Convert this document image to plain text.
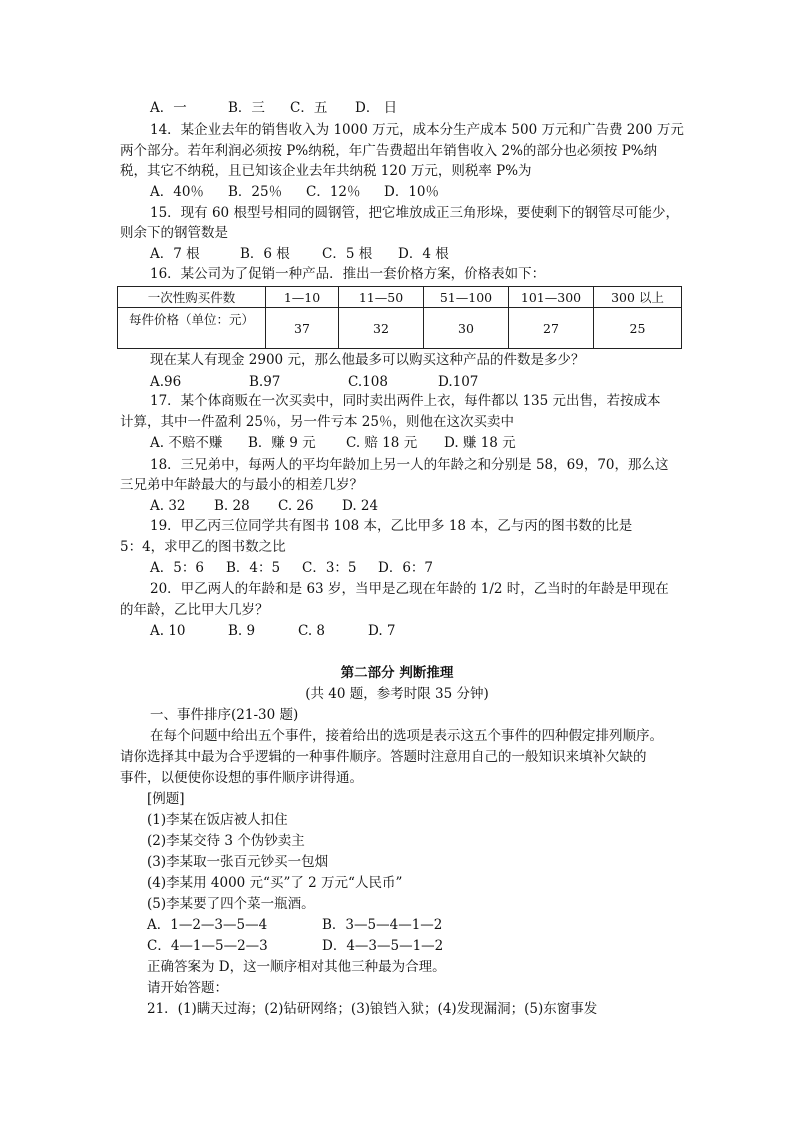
A．一	B．三 C．五 D． 日
14．某企业去年的销售收入为 1000 万元，成本分生产成本 500 万元和广告费 200 万元
两个部分。若年利润必须按 P%纳税，年广告费超出年销售收入 2%的部分也必须按 P%纳
税，其它不纳税，且已知该企业去年共纳税 120 万元，则税率 P%为
A．40％ B．25％ C．12％ D．10％
15．现有 60 根型号相同的圆钢管，把它堆放成正三角形垛，要使剩下的钢管尽可能少，
则余下的钢管数是
A．7 根	B．6 根 C．5 根 D．4 根
16．某公司为了促销一种产品．推出一套价格方案，价格表如下：
一次性购买件数	1—10	11—50	51—100	101—300	300 以上
每件价格（单位：元）	37	32	30	27	25
现在某人有现金 2900 元，那么他最多可以购买这种产品的件数是多少？
A.96	B.97	C.108	D.107
17．某个体商贩在一次买卖中，同时卖出两件上衣，每件都以 135 元出售，若按成本
计算，其中一件盈利 25％，另一件亏本 25％，则他在这次买卖中
A. 不赔不赚 B．赚 9 元 C. 赔 18 元 D. 赚 18 元
18．三兄弟中，每两人的平均年龄加上另一人的年龄之和分别是 58，69，70，那么这
三兄弟中年龄最大的与最小的相差几岁？
A. 32 B. 28 C. 26 D. 24
19．甲乙丙三位同学共有图书 108 本，乙比甲多 18 本，乙与丙的图书数的比是
5：4，求甲乙的图书数之比
A．5：6 B．4：5 C．3：5 D．6：7
20．甲乙两人的年龄和是 63 岁，当甲是乙现在年龄的 1/2 时，乙当时的年龄是甲现在
的年龄，乙比甲大几岁？
A. 10	B. 9	C. 8	D. 7
第二部分 判断推理
(共 40 题，参考时限 35 分钟)
一、事件排序(21-30 题)
在每个问题中给出五个事件，接着给出的选项是表示这五个事件的四种假定排列顺序。
请你选择其中最为合乎逻辑的一种事件顺序。答题时注意用自己的一般知识来填补欠缺的
事件，以便使你设想的事件顺序讲得通。
[例题]
(1)李某在饭店被人扣住
(2)李某交待 3 个伪钞卖主
(3)李某取一张百元钞买一包烟
(4)李某用 4000 元“买”了 2 万元“人民币”
(5)李某要了四个菜一瓶酒。
A．1—2—3—5—4	B．3—5—4—1—2
C．4—1—5—2—3	D．4—3—5—1—2
正确答案为 D，这一顺序相对其他三种最为合理。
请开始答题：
21．(1)瞒天过海；(2)钻研网络；(3)锒铛入狱；(4)发现漏洞；(5)东窗事发
